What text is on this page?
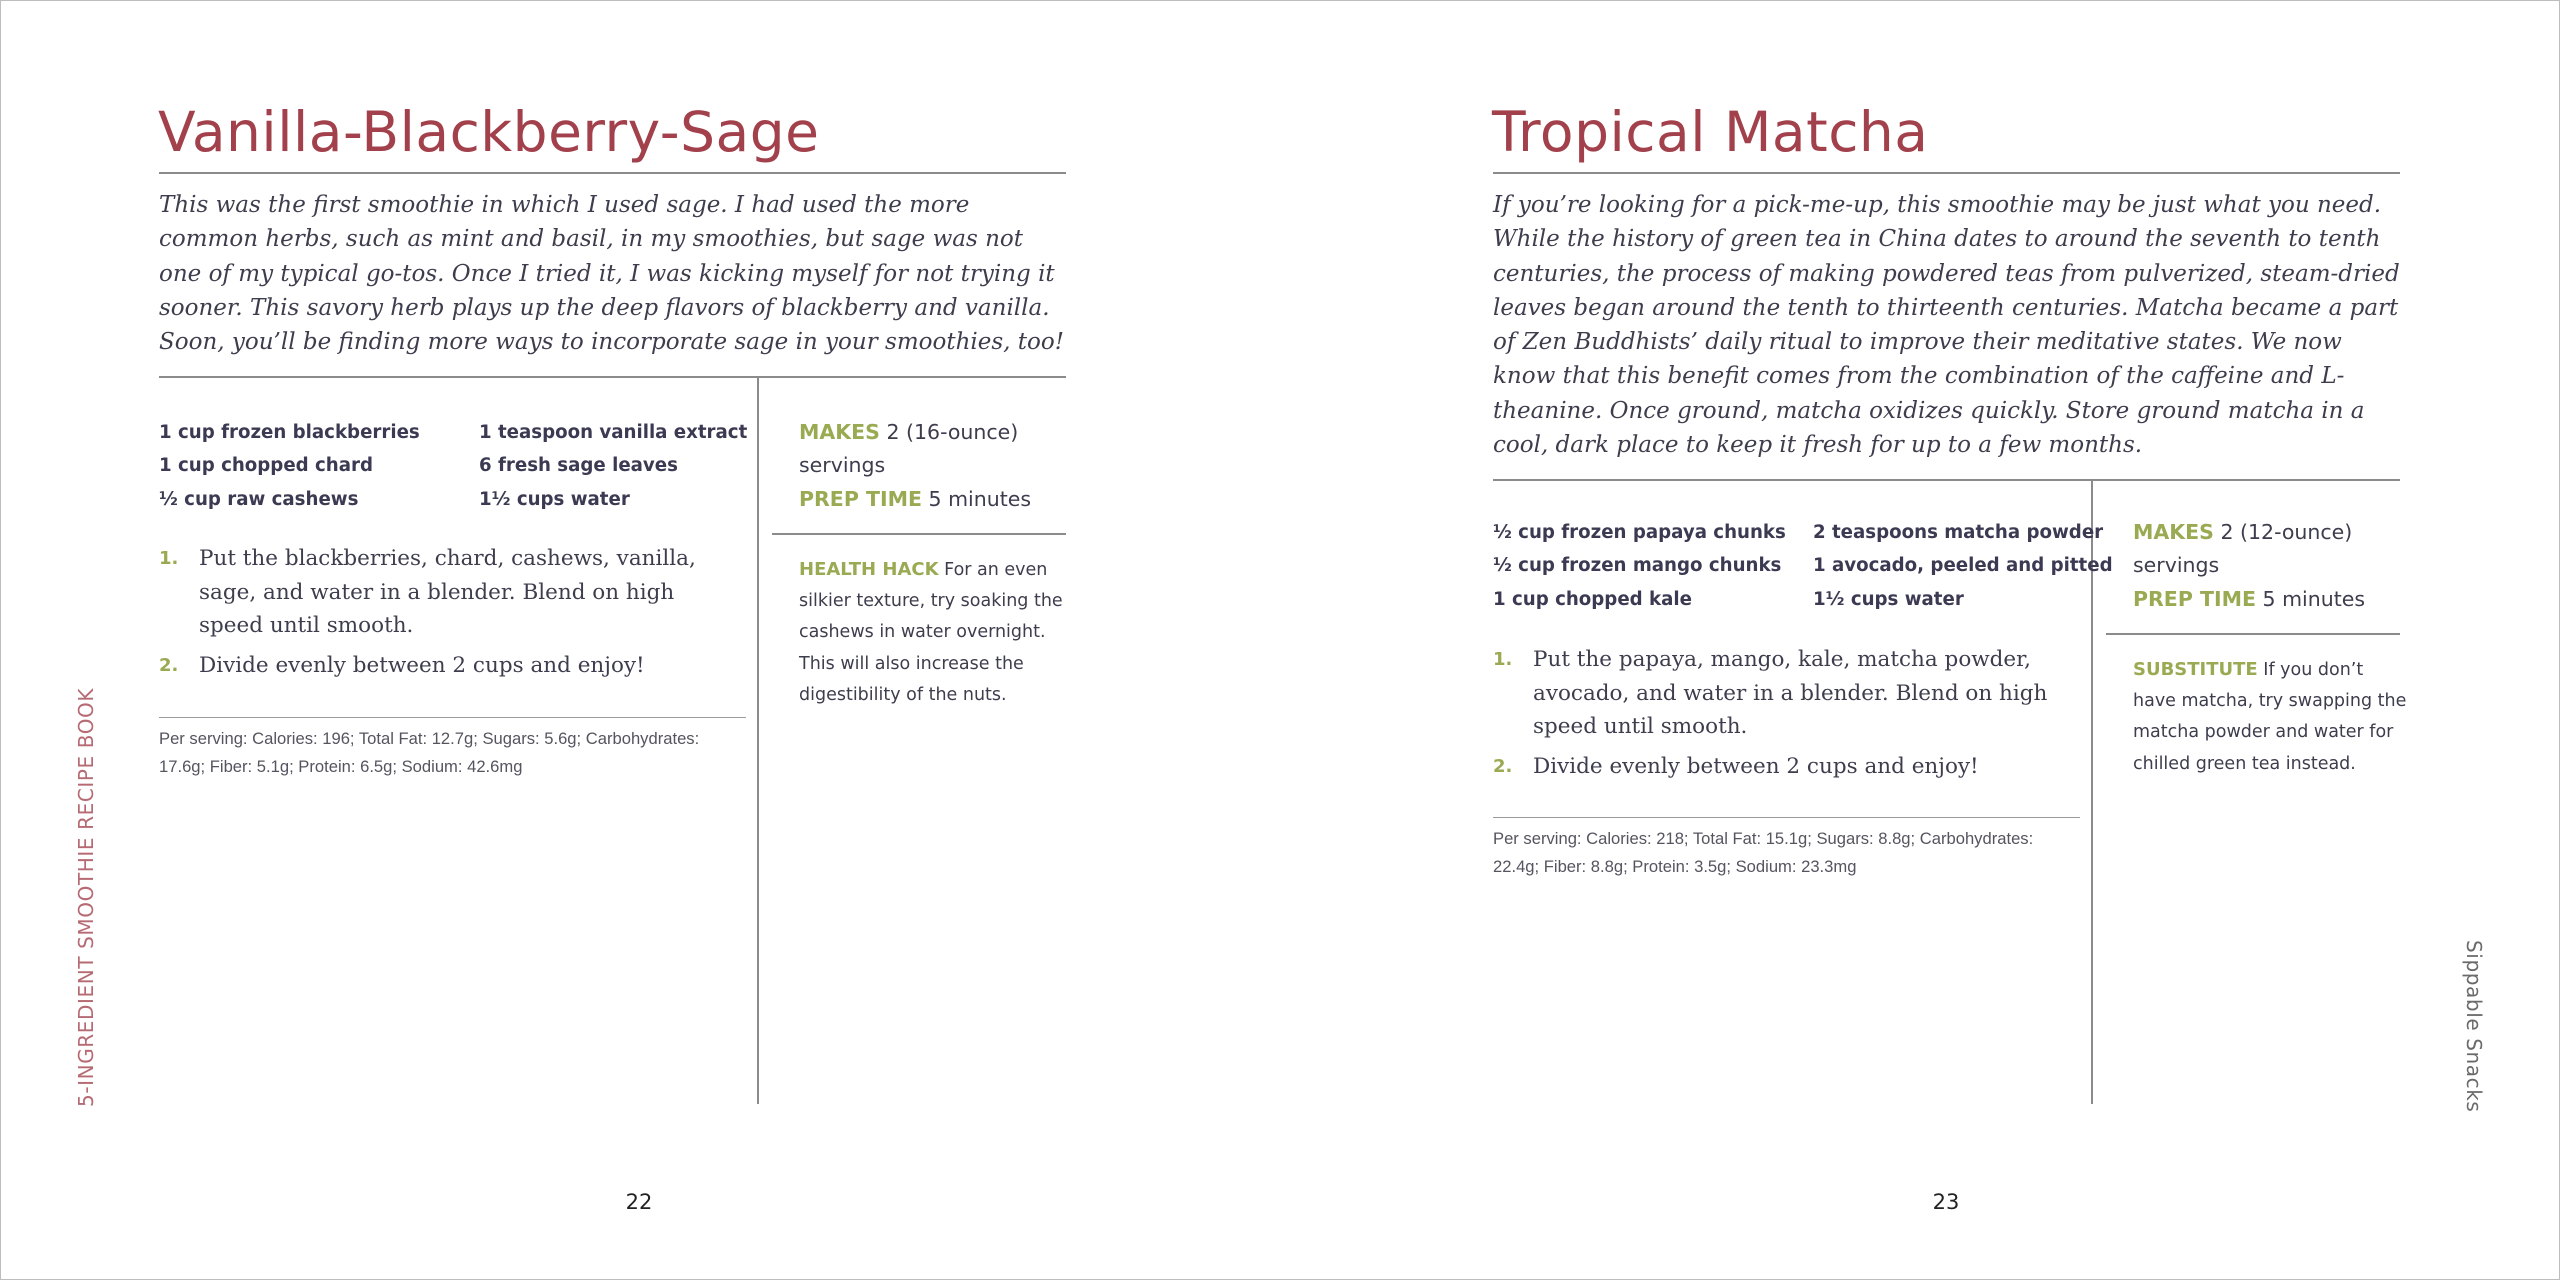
Vanilla-Blackberry-Sage

This was the first smoothie in which I used sage. I had used the more common herbs, such as mint and basil, in my smoothies, but sage was not one of my typical go-tos. Once I tried it, I was kicking myself for not trying it sooner. This savory herb plays up the deep flavors of blackberry and vanilla. Soon, you’ll be finding more ways to incorporate sage in your smoothies, too!

1 cup frozen blackberries
1 cup chopped chard
½ cup raw cashews
1 teaspoon vanilla extract
6 fresh sage leaves
1½ cups water
1. Put the blackberries, chard, cashews, vanilla, sage, and water in a blender. Blend on high speed until smooth.
2. Divide evenly between 2 cups and enjoy!

Per serving: Calories: 196; Total Fat: 12.7g; Sugars: 5.6g; Carbohydrates: 17.6g; Fiber: 5.1g; Protein: 6.5g; Sodium: 42.6mg

MAKES 2 (16-ounce) servings
PREP TIME 5 minutes

HEALTH HACK For an even silkier texture, try soaking the cashews in water overnight. This will also increase the digestibility of the nuts.

5-INGREDIENT SMOOTHIE RECIPE BOOK
22
Tropical Matcha

If you’re looking for a pick-me-up, this smoothie may be just what you need. While the history of green tea in China dates to around the seventh to tenth centuries, the process of making powdered teas from pulverized, steam-dried leaves began around the tenth to thirteenth centuries. Matcha became a part of Zen Buddhists’ daily ritual to improve their meditative states. We now know that this benefit comes from the combination of the caffeine and L-theanine. Once ground, matcha oxidizes quickly. Store ground matcha in a cool, dark place to keep it fresh for up to a few months.

½ cup frozen papaya chunks
½ cup frozen mango chunks
1 cup chopped kale
2 teaspoons matcha powder
1 avocado, peeled and pitted
1½ cups water
1. Put the papaya, mango, kale, matcha powder, avocado, and water in a blender. Blend on high speed until smooth.
2. Divide evenly between 2 cups and enjoy!

Per serving: Calories: 218; Total Fat: 15.1g; Sugars: 8.8g; Carbohydrates: 22.4g; Fiber: 8.8g; Protein: 3.5g; Sodium: 23.3mg

MAKES 2 (12-ounce) servings
PREP TIME 5 minutes

SUBSTITUTE If you don’t have matcha, try swapping the matcha powder and water for chilled green tea instead.

Sippable Snacks
23
